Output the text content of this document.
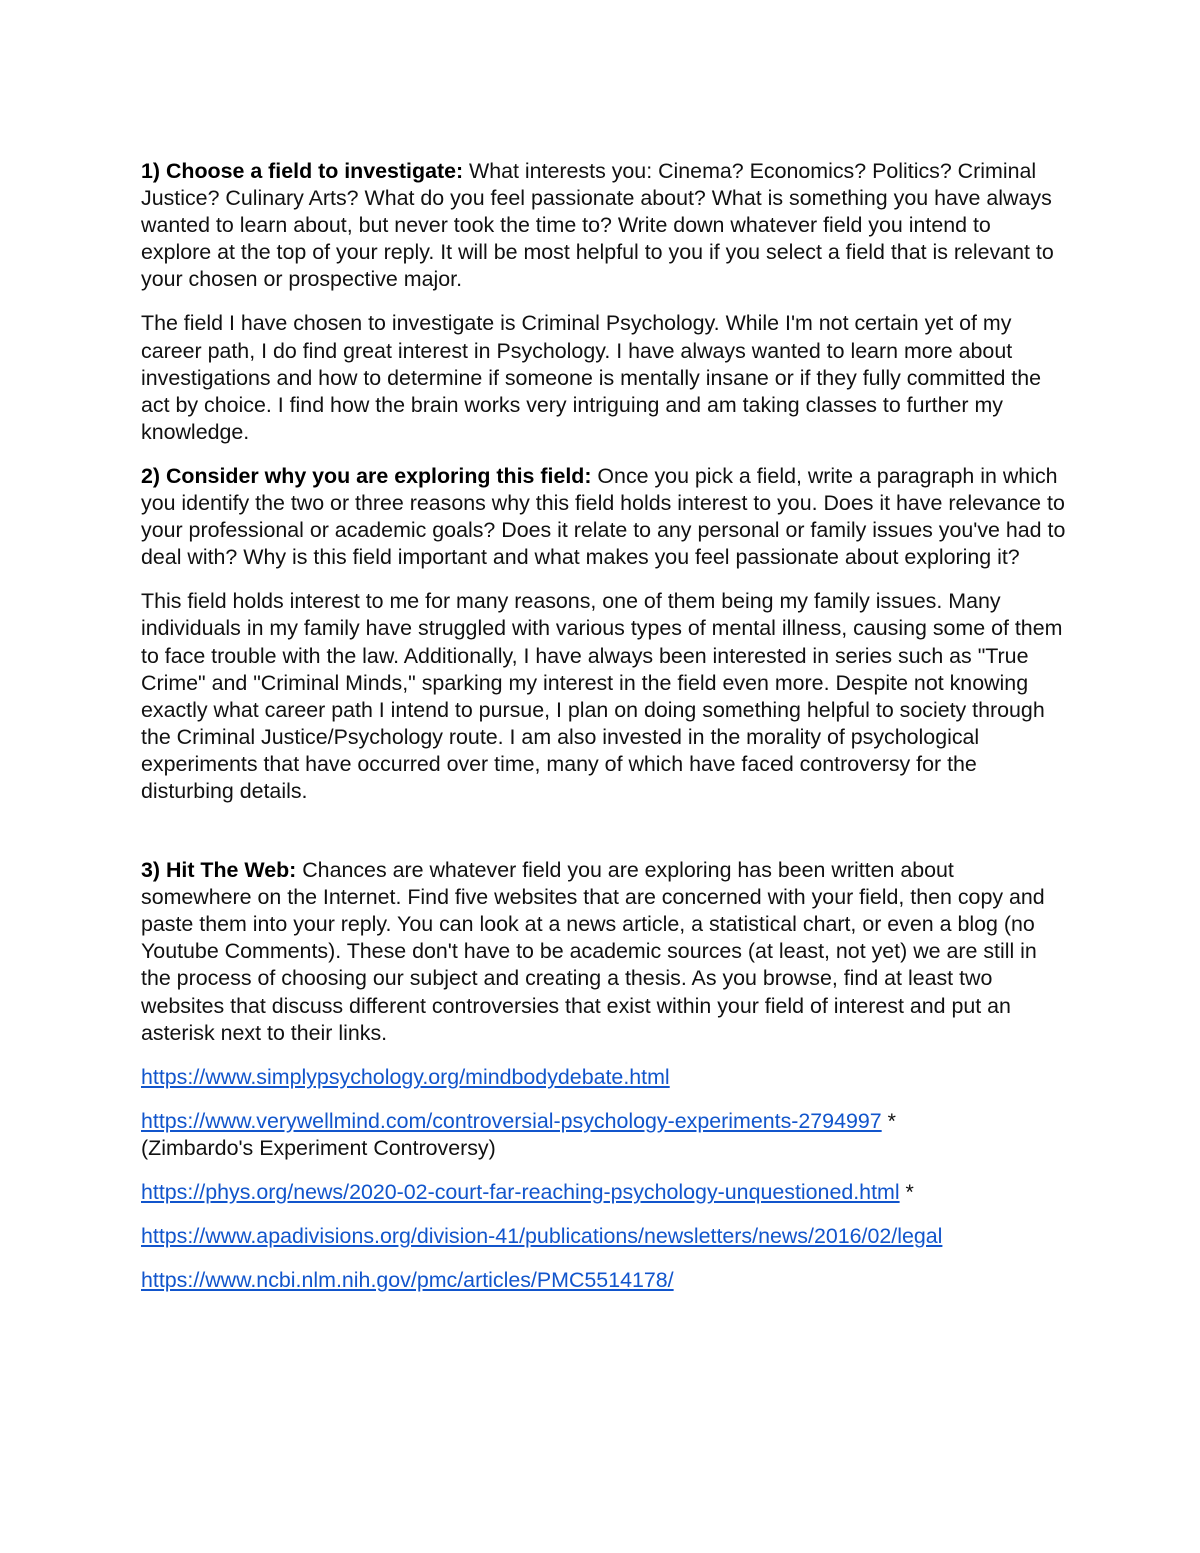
1) Choose a field to investigate: What interests you: Cinema? Economics? Politics? Criminal Justice? Culinary Arts? What do you feel passionate about? What is something you have always wanted to learn about, but never took the time to? Write down whatever field you intend to explore at the top of your reply. It will be most helpful to you if you select a field that is relevant to your chosen or prospective major.

The field I have chosen to investigate is Criminal Psychology. While I'm not certain yet of my career path, I do find great interest in Psychology. I have always wanted to learn more about investigations and how to determine if someone is mentally insane or if they fully committed the act by choice. I find how the brain works very intriguing and am taking classes to further my knowledge.

2) Consider why you are exploring this field: Once you pick a field, write a paragraph in which you identify the two or three reasons why this field holds interest to you. Does it have relevance to your professional or academic goals? Does it relate to any personal or family issues you've had to deal with? Why is this field important and what makes you feel passionate about exploring it?

This field holds interest to me for many reasons, one of them being my family issues. Many individuals in my family have struggled with various types of mental illness, causing some of them to face trouble with the law. Additionally, I have always been interested in series such as "True Crime" and "Criminal Minds," sparking my interest in the field even more. Despite not knowing exactly what career path I intend to pursue, I plan on doing something helpful to society through the Criminal Justice/Psychology route. I am also invested in the morality of psychological experiments that have occurred over time, many of which have faced controversy for the disturbing details.

3) Hit The Web: Chances are whatever field you are exploring has been written about somewhere on the Internet. Find five websites that are concerned with your field, then copy and paste them into your reply. You can look at a news article, a statistical chart, or even a blog (no Youtube Comments). These don't have to be academic sources (at least, not yet) we are still in the process of choosing our subject and creating a thesis. As you browse, find at least two websites that discuss different controversies that exist within your field of interest and put an asterisk next to their links.

https://www.simplypsychology.org/mindbodydebate.html

https://www.verywellmind.com/controversial-psychology-experiments-2794997 *
(Zimbardo's Experiment Controversy)

https://phys.org/news/2020-02-court-far-reaching-psychology-unquestioned.html *

https://www.apadivisions.org/division-41/publications/newsletters/news/2016/02/legal

https://www.ncbi.nlm.nih.gov/pmc/articles/PMC5514178/
